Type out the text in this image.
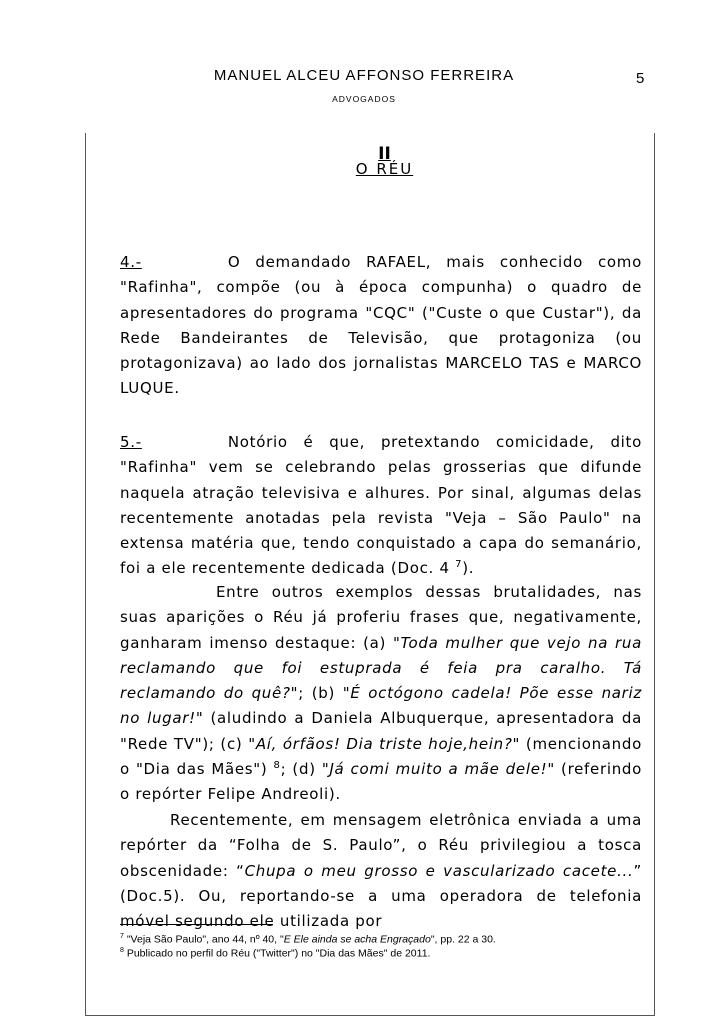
MANUEL ALCEU AFFONSO FERREIRA
ADVOGADOS
5
II
O RÉU
4.-	O demandado RAFAEL, mais conhecido como "Rafinha", compõe (ou à época compunha) o quadro de apresentadores do programa "CQC" ("Custe o que Custar"), da Rede Bandeirantes de Televisão, que protagoniza (ou protagonizava) ao lado dos jornalistas MARCELO TAS e MARCO LUQUE.
5.-	Notório é que, pretextando comicidade, dito "Rafinha" vem se celebrando pelas grosserias que difunde naquela atração televisiva e alhures. Por sinal, algumas delas recentemente anotadas pela revista "Veja – São Paulo" na extensa matéria que, tendo conquistado a capa do semanário, foi a ele recentemente dedicada (Doc. 4 $^7$).
Entre outros exemplos dessas brutalidades, nas suas aparições o Réu já proferiu frases que, negativamente, ganharam imenso destaque: (a) "Toda mulher que vejo na rua reclamando que foi estuprada é feia pra caralho. Tá reclamando do quê?"; (b) "É octógono cadela! Põe esse nariz no lugar!" (aludindo a Daniela Albuquerque, apresentadora da "Rede TV"); (c) "Aí, órfãos! Dia triste hoje,hein?" (mencionando o "Dia das Mães") $^8$; (d) "Já comi muito a mãe dele!" (referindo o repórter Felipe Andreoli).
Recentemente, em mensagem eletrônica enviada a uma repórter da “Folha de S. Paulo”, o Réu privilegiou a tosca obscenidade: “Chupa o meu grosso e vascularizado cacete...” (Doc.5). Ou, reportando-se a uma operadora de telefonia móvel segundo ele utilizada por
$^7$ "Veja São Paulo", ano 44, nº 40, "E Ele ainda se acha Engraçado", pp. 22 a 30.
$^8$ Publicado no perfil do Réu ("Twitter") no "Dia das Mães" de 2011.
